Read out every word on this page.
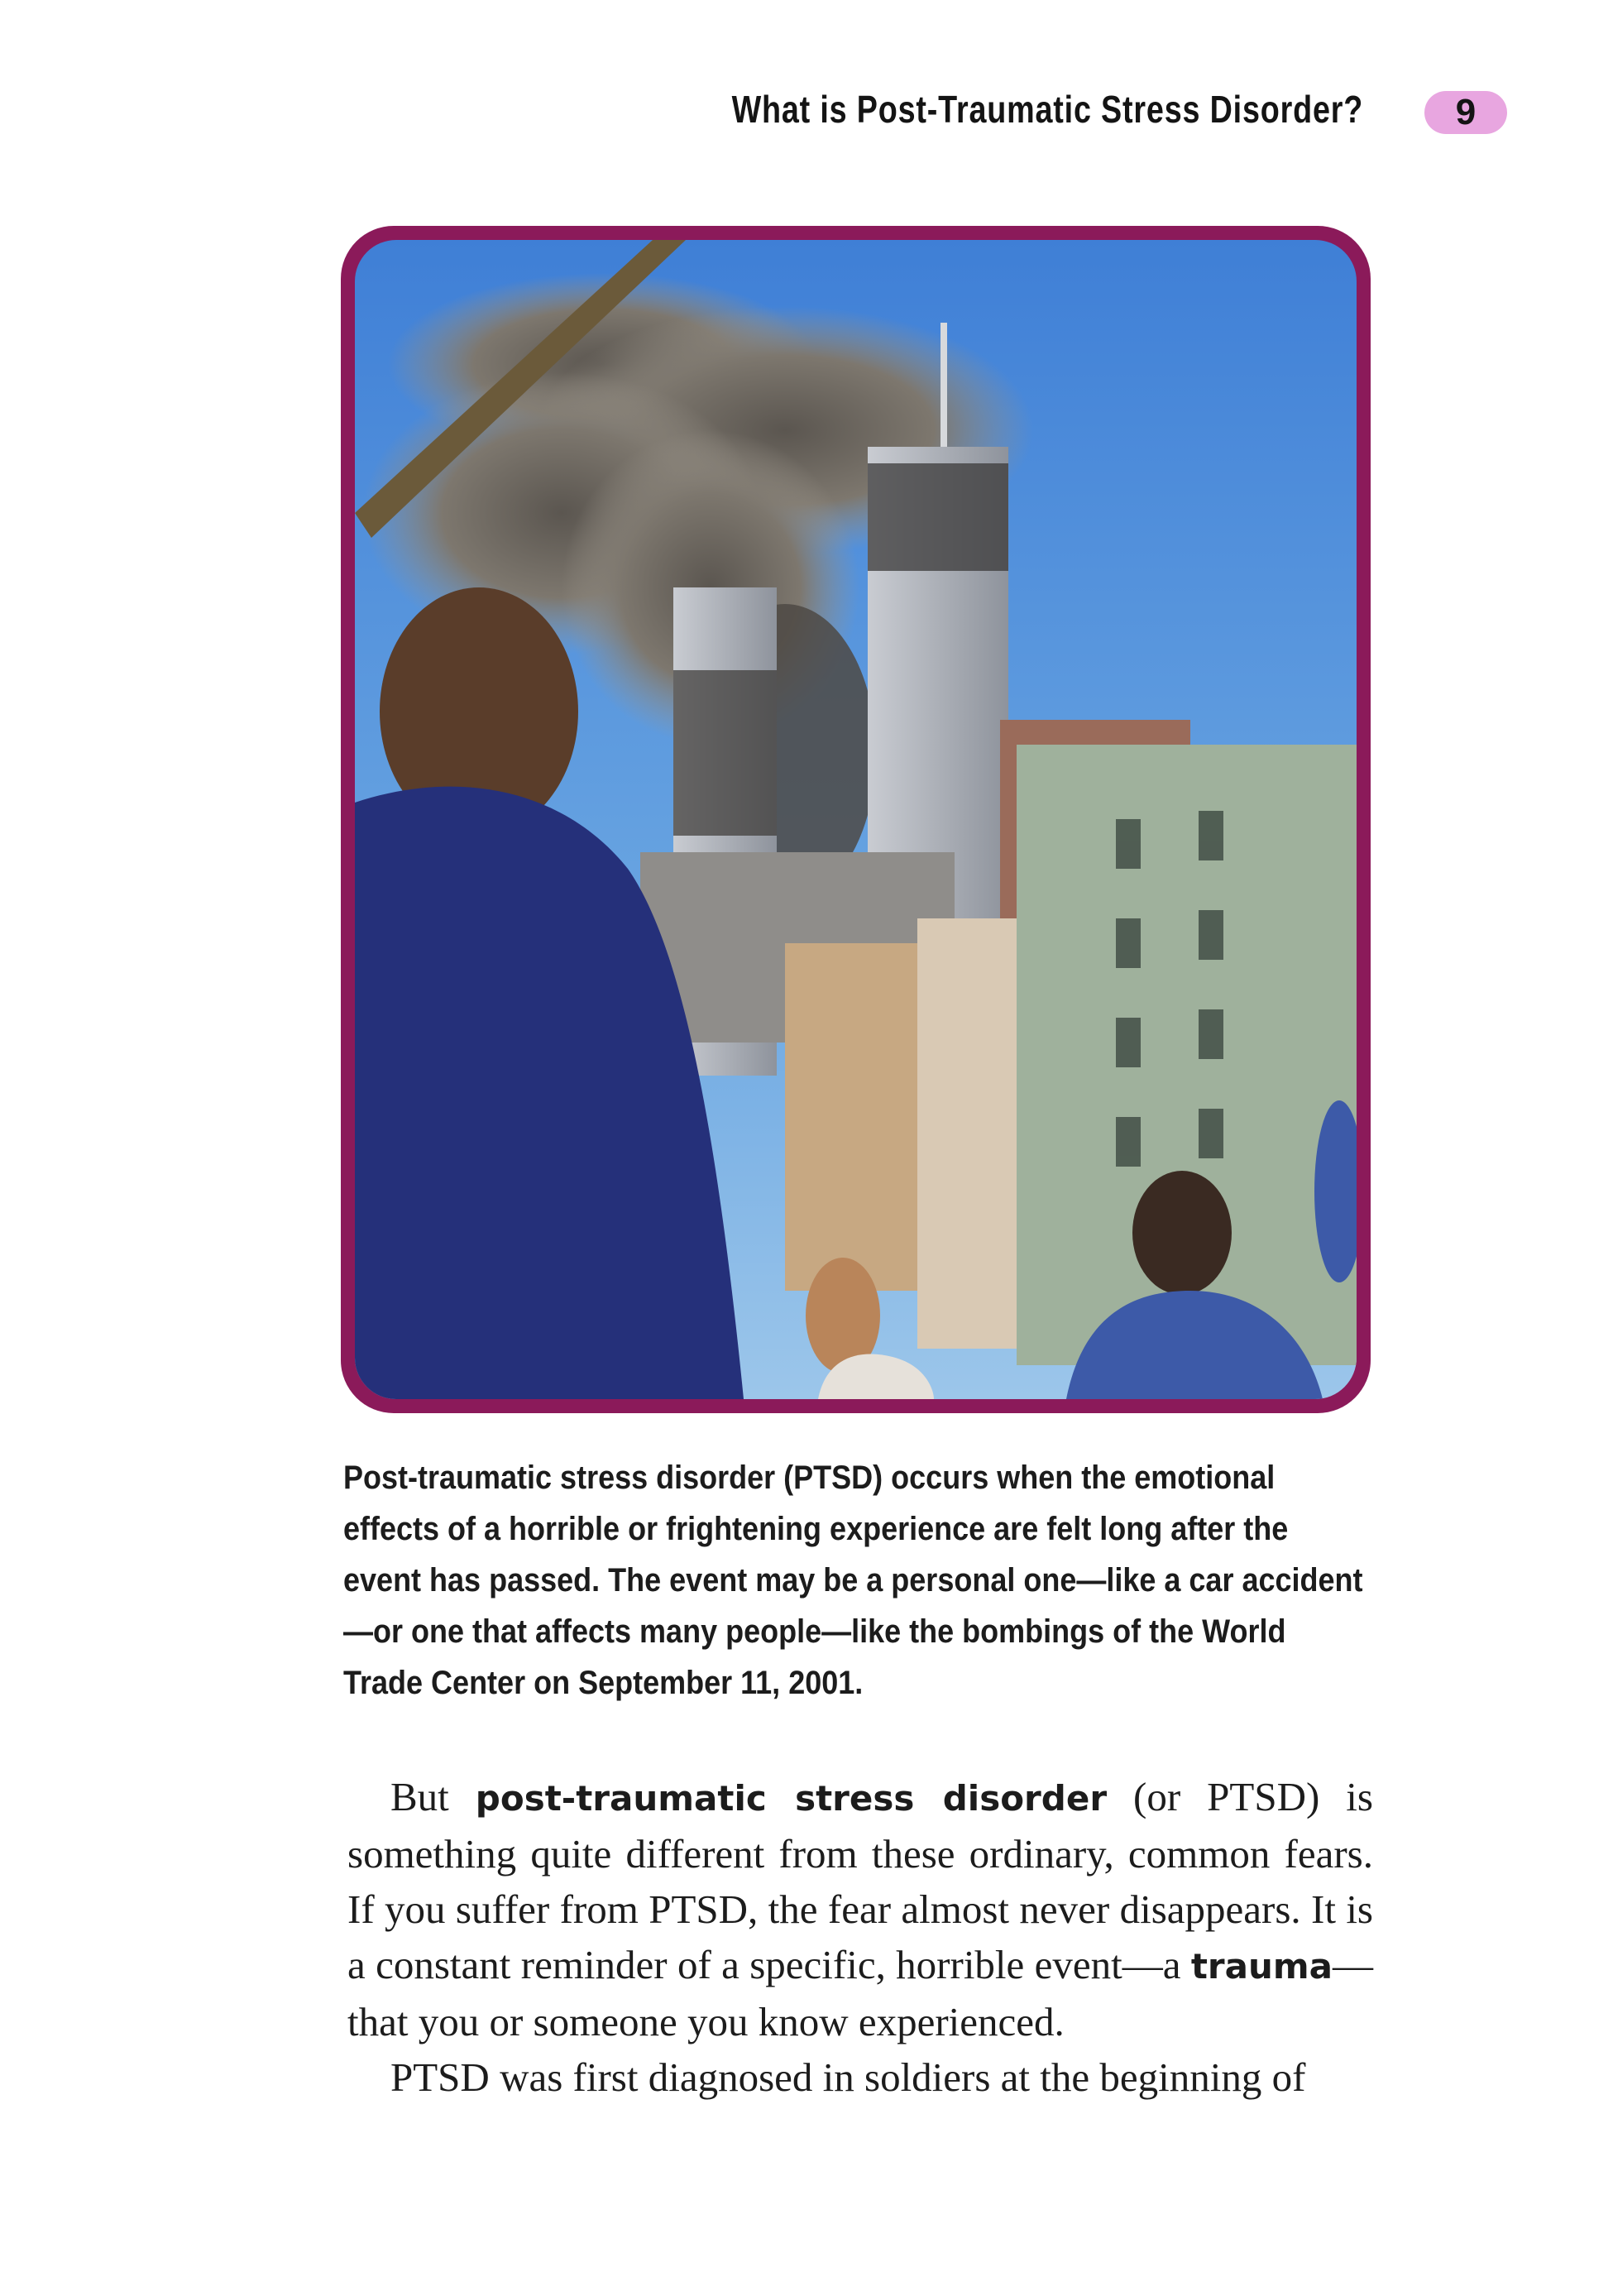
What is Post-Traumatic Stress Disorder?	9
Post-traumatic stress disorder (PTSD) occurs when the emotional effects of a horrible or frightening experience are felt long after the event has passed. The event may be a personal one—like a car accident—or one that affects many people—like the bombings of the World Trade Center on September 11, 2001.

But post-traumatic stress disorder (or PTSD) is something quite different from these ordinary, common fears. If you suffer from PTSD, the fear almost never disappears. It is a constant reminder of a specific, horrible event—a trauma—that you or someone you know experienced.

PTSD was first diagnosed in soldiers at the beginning of
